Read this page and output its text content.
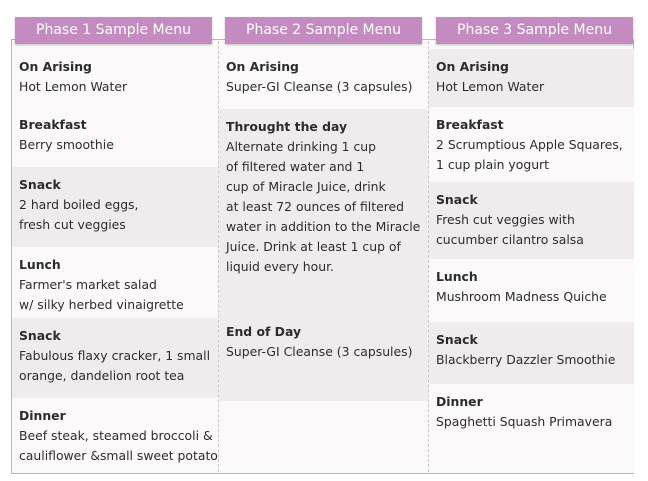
On Arising
Hot Lemon Water
Breakfast
Berry smoothie
Snack
2 hard boiled eggs,
fresh cut veggies
Lunch
Farmer's market salad
w/ silky herbed vinaigrette
Snack
Fabulous flaxy cracker, 1 small
orange, dandelion root tea
Dinner
Beef steak, steamed broccoli &
cauliflower &small sweet potato
On Arising
Super-GI Cleanse (3 capsules)
Throught the day
Alternate drinking 1 cup
of filtered water and 1
cup of Miracle Juice, drink
at least 72 ounces of filtered
water in addition to the Miracle
Juice. Drink at least 1 cup of
liquid every hour.
End of Day
Super-GI Cleanse (3 capsules)
On Arising
Hot Lemon Water
Breakfast
2 Scrumptious Apple Squares,
1 cup plain yogurt
Snack
Fresh cut veggies with
cucumber cilantro salsa
Lunch
Mushroom Madness Quiche
Snack
Blackberry Dazzler Smoothie
Dinner
Spaghetti Squash Primavera
Phase 1 Sample Menu	Phase 2 Sample Menu	Phase 3 Sample Menu
